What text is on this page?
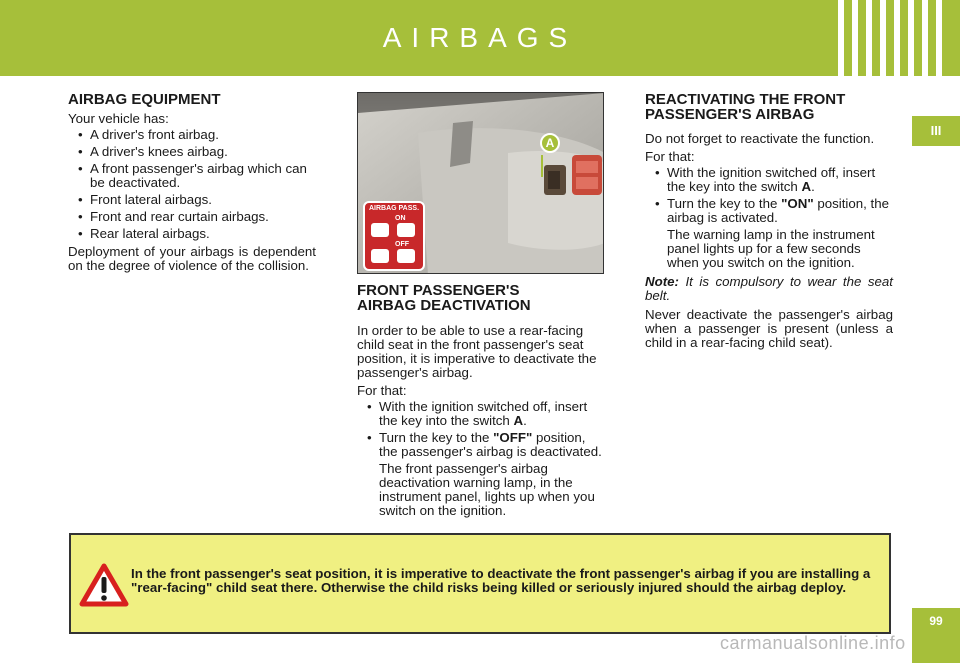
AIRBAGS
III
99
AIRBAG EQUIPMENT

Your vehicle has:

• A driver's front airbag.
• A driver's knees airbag.
• A front passenger's airbag which can be deactivated.
• Front lateral airbags.
• Front and rear curtain airbags.
• Rear lateral airbags.

Deployment of your airbags is dependent on the degree of violence of the collision.

A
AIRBAG PASS.
ON
OFF
FRONT PASSENGER'S
AIRBAG DEACTIVATION

In order to be able to use a rear-facing child seat in the front passenger's seat position, it is imperative to deactivate the passenger's airbag.

For that:

• With the ignition switched off, insert the key into the switch A.
• Turn the key to the "OFF" position, the passenger's airbag is deactivated.

The front passenger's airbag deactivation warning lamp, in the instrument panel, lights up when you switch on the ignition.

REACTIVATING THE FRONT
PASSENGER'S AIRBAG

Do not forget to reactivate the function.

For that:

• With the ignition switched off, insert the key into the switch A.
• Turn the key to the "ON" position, the airbag is activated.

The warning lamp in the instrument panel lights up for a few seconds when you switch on the ignition.

Note: It is compulsory to wear the seat belt.

Never deactivate the passenger's airbag when a passenger is present (unless a child in a rear-facing child seat).

In the front passenger's seat position, it is imperative to deactivate the front passenger's airbag if you are installing a "rear-facing" child seat there. Otherwise the child risks being killed or seriously injured should the airbag deploy.
carmanualsonline.info
